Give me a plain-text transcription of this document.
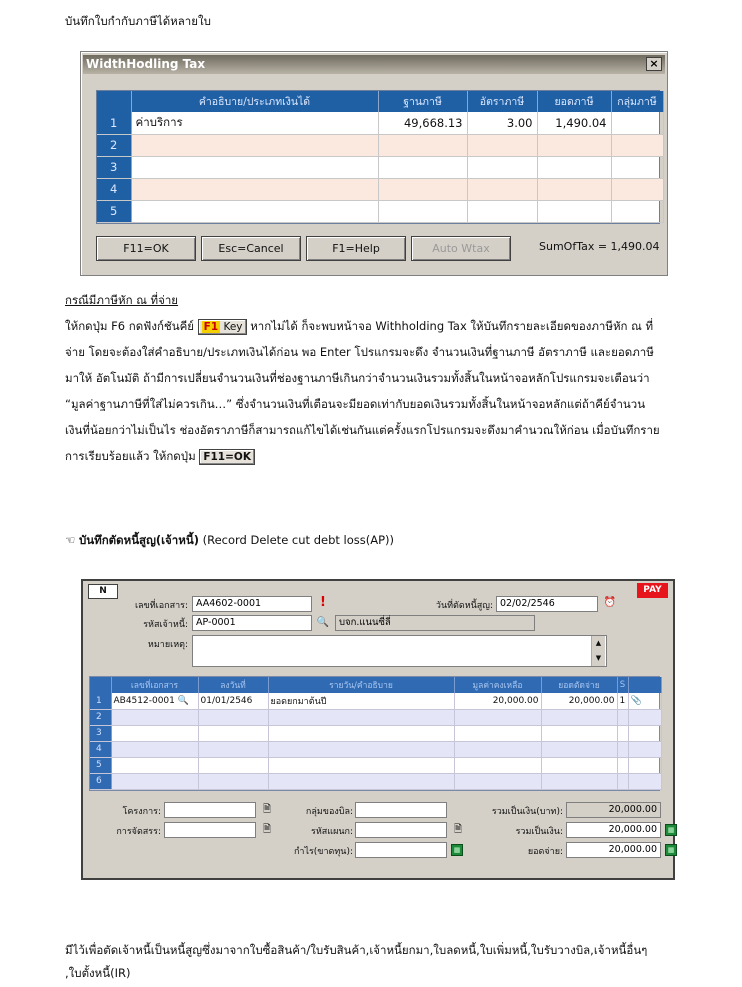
บันทึกใบกำกับภาษีได้หลายใบ
WidthHodling Tax	×
	คำอธิบาย/ประเภทเงินได้	ฐานภาษี	อัตราภาษี	ยอดภาษี	กลุ่มภาษี
1	ค่าบริการ	49,668.13	3.00	1,490.04	
2					
3					
4					
5					
F11=OK	Esc=Cancel	F1=Help	Auto Wtax	SumOfTax = 1,490.04
กรณีมีภาษีหัก ณ ที่จ่าย
ให้กดปุ่ม F6 กดฟังก์ชันคีย์ F1 Key หากไม่ได้ ก็จะพบหน้าจอ Withholding Tax ให้บันทึกรายละเอียดของภาษีหัก ณ ที่
จ่าย โดยจะต้องใส่คำอธิบาย/ประเภทเงินได้ก่อน พอ Enter โปรแกรมจะดึง จำนวนเงินที่ฐานภาษี อัตราภาษี และยอดภาษี
มาให้ อัตโนมัติ ถ้ามีการเปลี่ยนจำนวนเงินที่ช่องฐานภาษีเกินกว่าจำนวนเงินรวมทั้งสิ้นในหน้าจอหลักโปรแกรมจะเตือนว่า
“มูลค่าฐานภาษีที่ใส่ไม่ควรเกิน…” ซึ่งจำนวนเงินที่เตือนจะมียอดเท่ากับยอดเงินรวมทั้งสิ้นในหน้าจอหลักแต่ถ้าคีย์จำนวน
เงินที่น้อยกว่าไม่เป็นไร ช่องอัตราภาษีก็สามารถแก้ไขได้เช่นกันแต่ครั้งแรกโปรแกรมจะดึงมาคำนวณให้ก่อน เมื่อบันทึกราย
การเรียบร้อยแล้ว ให้กดปุ่ม F11=OK
☜ บันทึกตัดหนี้สูญ(เจ้าหนี้) (Record Delete cut debt loss(AP))
N	PAY
เลขที่เอกสาร: AA4602-0001	!	วันที่ตัดหนี้สูญ: 02/02/2546	⏰
รหัสเจ้าหนี้: AP-0001	🔍	บจก.แนนซี่ลี่
หมายเหตุ:	▲
▼
	เลขที่เอกสาร	ลงวันที่	รายวัน/คำอธิบาย	มูลค่าคงเหลือ	ยอดตัดจ่าย	S	
1	AB4512-0001 🔍	01/01/2546	ยอดยกมาต้นปี	20,000.00	20,000.00	1	📎
2							
3							
4							
5							
6							
โครงการ:	🗎
การจัดสรร:	🗎
กลุ่มของบิล:
รหัสแผนก:	🗎
กำไร(ขาดทุน):	▦
รวมเป็นเงิน(บาท):	20,000.00
รวมเป็นเงิน:	20,000.00	▦
ยอดจ่าย:	20,000.00	▦
มีไว้เพื่อตัดเจ้าหนี้เป็นหนี้สูญซึ่งมาจากใบซื้อสินค้า/ใบรับสินค้า,เจ้าหนี้ยกมา,ใบลดหนี้,ใบเพิ่มหนี้,ใบรับวางบิล,เจ้าหนี้อื่นๆ
,ใบตั้งหนี้(IR)
